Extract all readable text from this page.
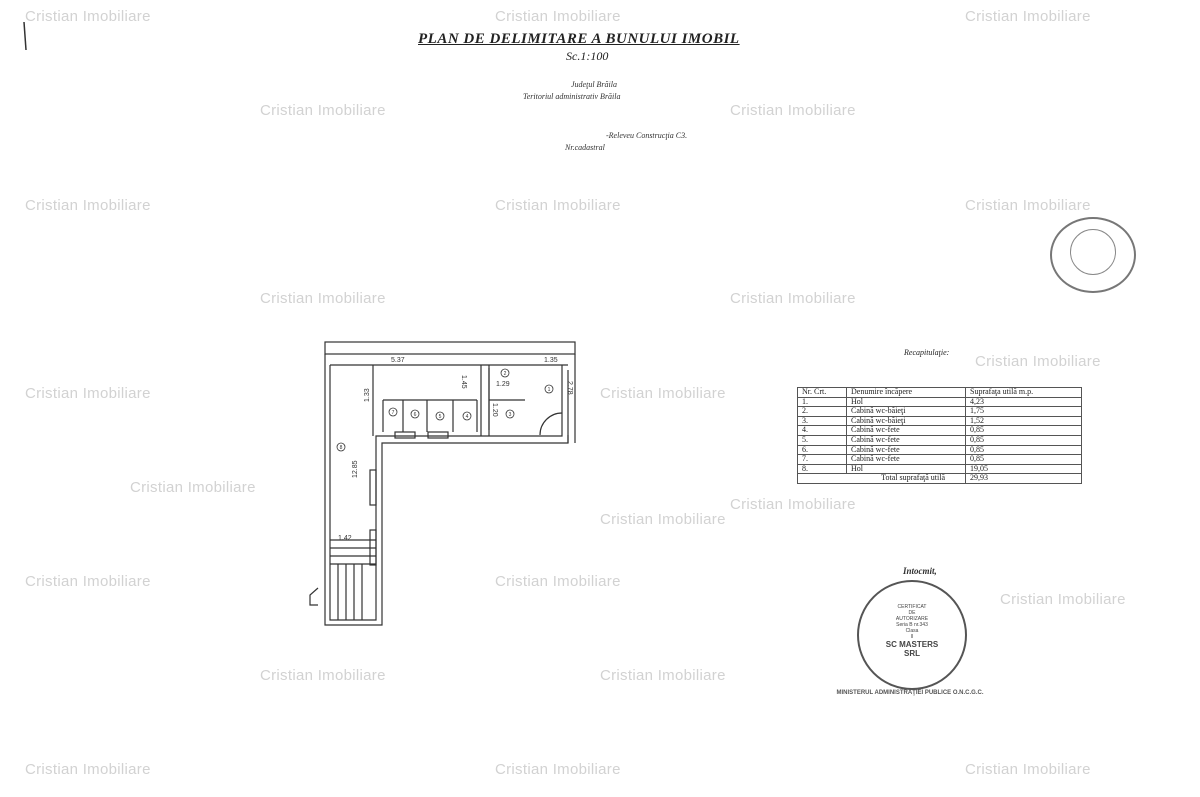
PLAN DE DELIMITARE A BUNULUI IMOBIL
Sc.1:100
Judeţul Brăila
Teritoriul administrativ Brăila
-Releveu Construcţia C3.
Nr.cadastral
5.37	1.35
1.45	1.29
1.20
1.33
2.78
1.42
12.85
1
2
3
4
5
6
7
8
Recapitulaţie:
Nr. Crt.	Denumire încăpere	Suprafaţa utilă m.p.
1.	Hol	4,23
2.	Cabină wc-bãieţi	1,75
3.	Cabină wc-bãieţi	1,52
4.	Cabină wc-fete	0,85
5.	Cabină wc-fete	0,85
6.	Cabină wc-fete	0,85
7.	Cabină wc-fete	0,85
8.	Hol	19,05
Total suprafaţă utilă		29,93
Intocmit,
CERTIFICAT
DE
AUTORIZARE
Seria B nr.343
Clasa
II
SC MASTERS
SRL
MINISTERUL ADMINISTRAŢIEI PUBLICE O.N.C.G.C.
Cristian Imobiliare	Cristian Imobiliare	Cristian Imobiliare
Cristian Imobiliare	Cristian Imobiliare
Cristian Imobiliare	Cristian Imobiliare	Cristian Imobiliare
Cristian Imobiliare	Cristian Imobiliare
Cristian Imobiliare	Cristian Imobiliare
Cristian Imobiliare
Cristian Imobiliare
Cristian Imobiliare
Cristian Imobiliare
Cristian Imobiliare	Cristian Imobiliare
Cristian Imobiliare
Cristian Imobiliare	Cristian Imobiliare
Cristian Imobiliare	Cristian Imobiliare	Cristian Imobiliare
